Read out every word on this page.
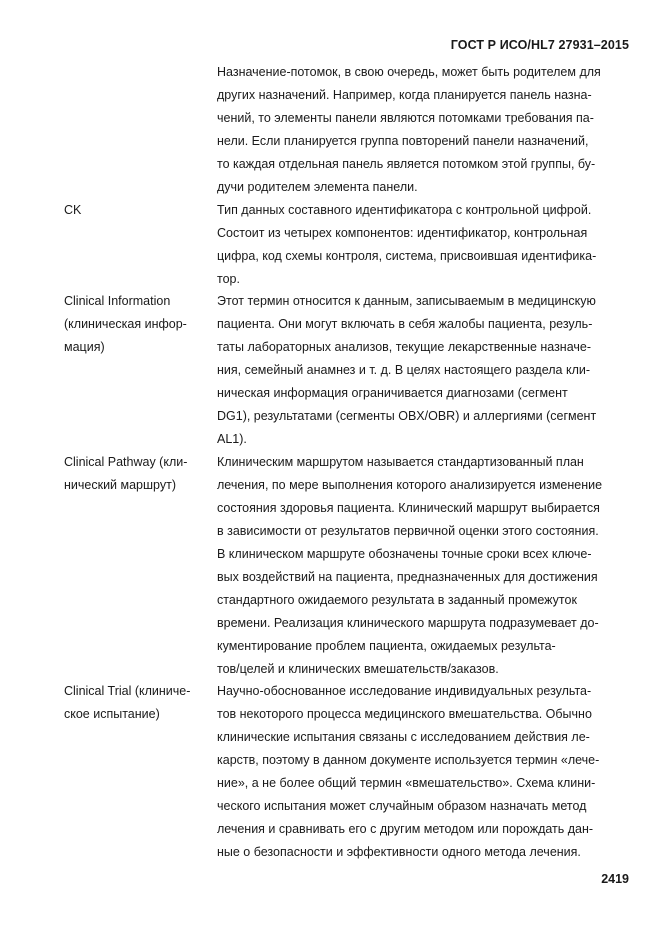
ГОСТ Р ИСО/HL7 27931–2015
Назначение-потомок, в свою очередь, может быть родителем для
других назначений. Например, когда планируется панель назна-
чений, то элементы панели являются потомками требования па-
нели. Если планируется группа повторений панели назначений,
то каждая отдельная панель является потомком этой группы, бу-
дучи родителем элемента панели.
CK	Тип данных составного идентификатора с контрольной цифрой.
Состоит из четырех компонентов: идентификатор, контрольная
цифра, код схемы контроля, система, присвоившая идентифика-
тор.
Clinical Information
(клиническая инфор-
мация)
Этот термин относится к данным, записываемым в медицинскую
пациента. Они могут включать в себя жалобы пациента, резуль-
таты лабораторных анализов, текущие лекарственные назначе-
ния, семейный анамнез и т. д. В целях настоящего раздела кли-
ническая информация ограничивается диагнозами (сегмент
DG1), результатами (сегменты OBX/OBR) и аллергиями (сегмент
AL1).
Clinical Pathway (кли-
нический маршрут)
Клиническим маршрутом называется стандартизованный план
лечения, по мере выполнения которого анализируется изменение
состояния здоровья пациента. Клинический маршрут выбирается
в зависимости от результатов первичной оценки этого состояния.
В клиническом маршруте обозначены точные сроки всех ключе-
вых воздействий на пациента, предназначенных для достижения
стандартного ожидаемого результата в заданный промежуток
времени. Реализация клинического маршрута подразумевает до-
кументирование проблем пациента, ожидаемых результа-
тов/целей и клинических вмешательств/заказов.
Clinical Trial (клиниче-
ское испытание)
Научно-обоснованное исследование индивидуальных результа-
тов некоторого процесса медицинского вмешательства. Обычно
клинические испытания связаны с исследованием действия ле-
карств, поэтому в данном документе используется термин «лече-
ние», а не более общий термин «вмешательство». Схема клини-
ческого испытания может случайным образом назначать метод
лечения и сравнивать его с другим методом или порождать дан-
ные о безопасности и эффективности одного метода лечения.
2419
